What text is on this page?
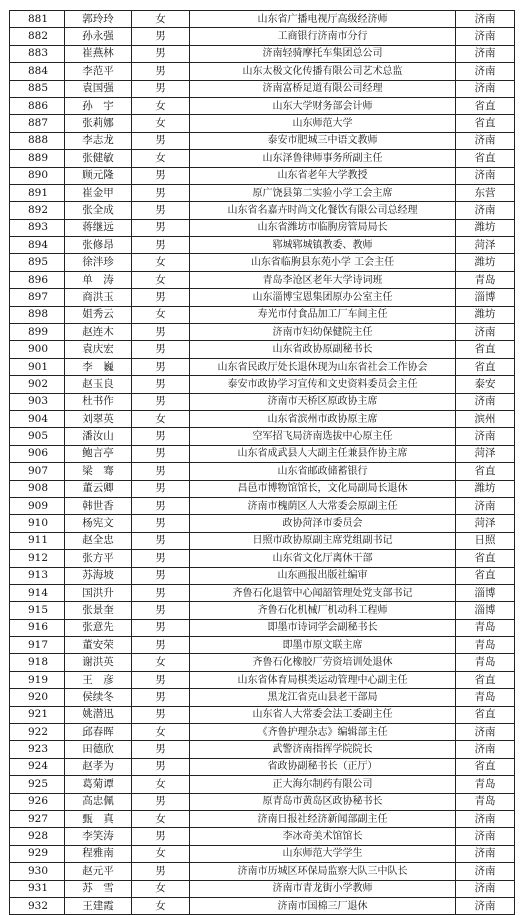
881	郭玲玲	女	山东省广播电视厅高级经济师	济南
882	孙永强	男	工商银行济南市分行	济南
883	崔燕林	男	济南轻骑摩托车集团总公司	济南
884	李范平	男	山东太极文化传播有限公司艺术总监	济南
885	袁国强	男	济南富桥足道有限公司经理	济南
886	孙　宇	女	山东大学财务部会计师	省直
887	张莉娜	女	山东师范大学	省直
888	李志龙	男	泰安市肥城三中语文教师	济南
889	张健敏	女	山东泽鲁律师事务所副主任	省直
890	顾元隆	男	山东省老年大学教授	济南
891	崔金甲	男	原广饶县第二实验小学工会主席	东营
892	张全成	男	山东省名嘉卉时尚文化餐饮有限公司总经理	济南
893	蒋继远	男	山东省潍坊市临朐房管局局长	潍坊
894	张修昂	男	郓城郓城镇教委、教师	菏泽
895	徐泮珍	女	山东省临朐县东苑小学 工会主任	潍坊
896	单　涛	女	青岛李沧区老年大学诗词班	青岛
897	商洪玉	男	山东淄博宝恩集团原办公室主任	淄博
898	姐秀云	女	寿光市付食品加工厂车间主任	潍坊
899	赵连木	男	济南市妇幼保健院主任	济南
900	袁庆宏	男	山东省政协原副秘书长	省直
901	李　巍	男	山东省民政厅处长退休现为山东省社会工作协会	省直
902	赵玉良	男	泰安市政协学习宣传和文史资料委员会主任	泰安
903	杜书作	男	济南市天桥区原政协主席	济南
904	刘翠英	女	山东省滨州市政协原主席	滨州
905	潘汝山	男	空军招飞局济南选拔中心原主任	济南
906	鲍言亭	男	山东省成武县人大副主任兼县作协主席	菏泽
907	梁　骞	男	山东省邮政储蓄银行	省直
908	董云卿	男	昌邑市博物馆馆长，文化局副局长退休	潍坊
909	韩世香	男	济南市槐荫区人大常委会原副主任	济南
910	杨宪文	男	政协菏泽市委员会	菏泽
911	赵全忠	男	日照市政协原副主席党组副书记	日照
912	张方平	男	山东省文化厅离休干部	省直
913	苏海坡	男	山东画报出版社编审	省直
914	国洪升	男	齐鲁石化退管中心闻韶管理处党支部书记	淄博
915	张景奎	男	齐鲁石化机械厂机动科工程师	淄博
916	张意先	男	即墨市诗词学会副秘书长	青岛
917	董安荣	男	即墨市原文联主席	青岛
918	谢洪英	女	齐鲁石化橡胶厂劳资培训处退休	青岛
919	王　彦	男	山东省体育局棋类运动管理中心副主任	省直
920	侯续冬	男	黑龙江省克山县老干部局	青岛
921	姚潜迅	男	山东省人大常委会法工委副主任	省直
922	邱春晖	女	《齐鲁护理杂志》编辑部主任	济南
923	田德欣	男	武警济南指挥学院院长	济南
924	赵孝为	男	省政协副秘书长（正厅）	省直
925	葛菊谭	女	正大海尔制药有限公司	青岛
926	高忠佩	男	原青岛市黄岛区政协秘书长	青岛
927	甄　真	女	济南日报社经济新闻部副主任	济南
928	李笑涛	男	李冰奇美术馆馆长	济南
929	程雅南	女	山东师范大学学生	济南
930	赵元平	男	济南市历城区环保局监察大队三中队长	济南
931	苏　雪	女	济南市青龙街小学教师	济南
932	王建霞	女	济南市国棉三厂退休	济南
